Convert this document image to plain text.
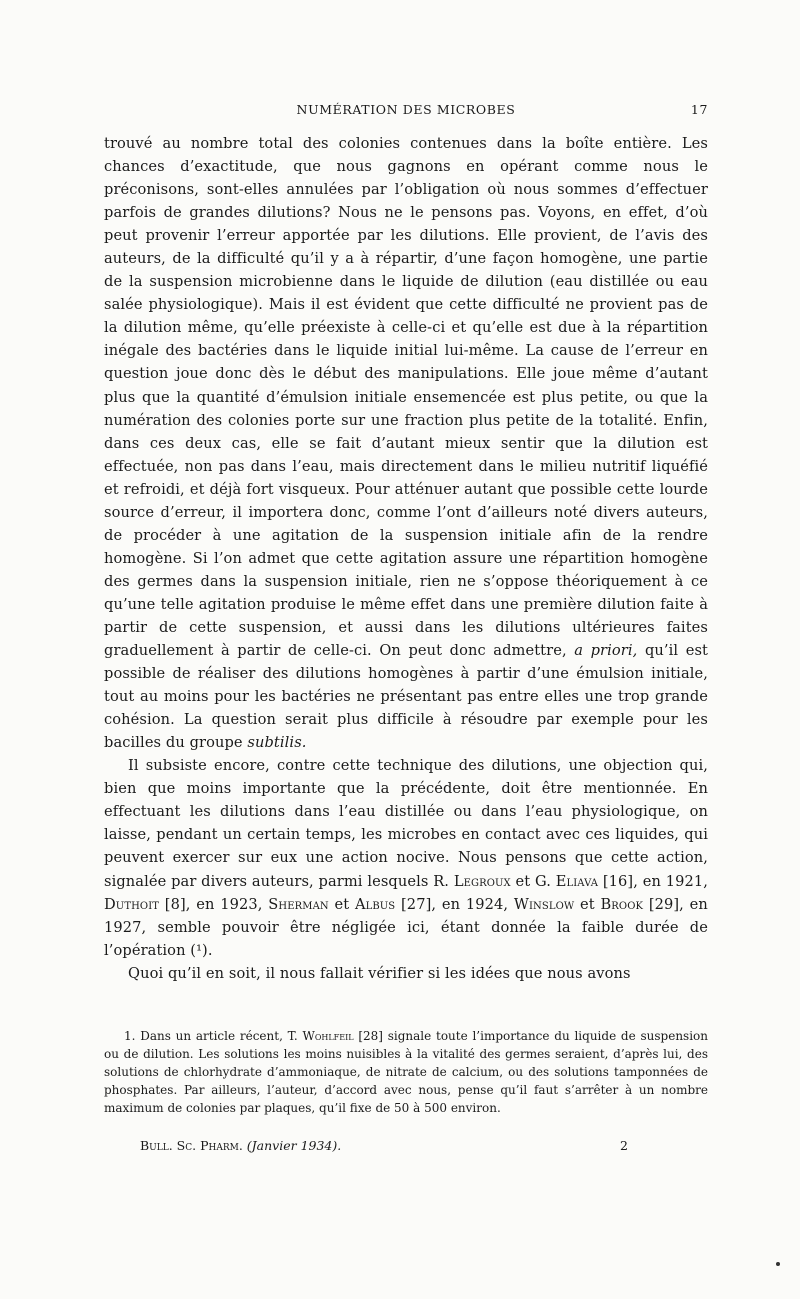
NUMÉRATION DES MICROBES	17

trouvé au nombre total des colonies contenues dans la boîte entière. Les chances d’exactitude, que nous gagnons en opérant comme nous le préconisons, sont-elles annulées par l’obligation où nous sommes d’effectuer parfois de grandes dilutions? Nous ne le pensons pas. Voyons, en effet, d’où peut provenir l’erreur apportée par les dilutions. Elle provient, de l’avis des auteurs, de la difficulté qu’il y a à répartir, d’une façon homogène, une partie de la suspension microbienne dans le liquide de dilution (eau distillée ou eau salée physiologique). Mais il est évident que cette difficulté ne provient pas de la dilution même, qu’elle préexiste à celle-ci et qu’elle est due à la répartition inégale des bactéries dans le liquide initial lui-même. La cause de l’erreur en question joue donc dès le début des manipulations. Elle joue même d’autant plus que la quantité d’émulsion initiale ensemencée est plus petite, ou que la numération des colonies porte sur une fraction plus petite de la totalité. Enfin, dans ces deux cas, elle se fait d’autant mieux sentir que la dilution est effectuée, non pas dans l’eau, mais directement dans le milieu nutritif liquéfié et refroidi, et déjà fort visqueux. Pour atténuer autant que possible cette lourde source d’erreur, il importera donc, comme l’ont d’ailleurs noté divers auteurs, de procéder à une agitation de la suspension initiale afin de la rendre homogène. Si l’on admet que cette agitation assure une répartition homogène des germes dans la suspension initiale, rien ne s’oppose théoriquement à ce qu’une telle agitation produise le même effet dans une première dilution faite à partir de cette suspension, et aussi dans les dilutions ultérieures faites graduellement à partir de celle-ci. On peut donc admettre, a priori, qu’il est possible de réaliser des dilutions homogènes à partir d’une émulsion initiale, tout au moins pour les bactéries ne présentant pas entre elles une trop grande cohésion. La question serait plus difficile à résoudre par exemple pour les bacilles du groupe subtilis.

Il subsiste encore, contre cette technique des dilutions, une objection qui, bien que moins importante que la précédente, doit être mentionnée. En effectuant les dilutions dans l’eau distillée ou dans l’eau physiologique, on laisse, pendant un certain temps, les microbes en contact avec ces liquides, qui peuvent exercer sur eux une action nocive. Nous pensons que cette action, signalée par divers auteurs, parmi lesquels R. Legroux et G. Eliava [16], en 1921, Duthoit [8], en 1923, Sherman et Albus [27], en 1924, Winslow et Brook [29], en 1927, semble pouvoir être négligée ici, étant donnée la faible durée de l’opération (¹).

Quoi qu’il en soit, il nous fallait vérifier si les idées que nous avons

1. Dans un article récent, T. Wohlfeil [28] signale toute l’importance du liquide de suspension ou de dilution. Les solutions les moins nuisibles à la vitalité des germes seraient, d’après lui, des solutions de chlorhydrate d’ammoniaque, de nitrate de calcium, ou des solutions tamponnées de phosphates. Par ailleurs, l’auteur, d’accord avec nous, pense qu’il faut s’arrêter à un nombre maximum de colonies par plaques, qu’il fixe de 50 à 500 environ.

Bull. Sc. Pharm. (Janvier 1934).	2
